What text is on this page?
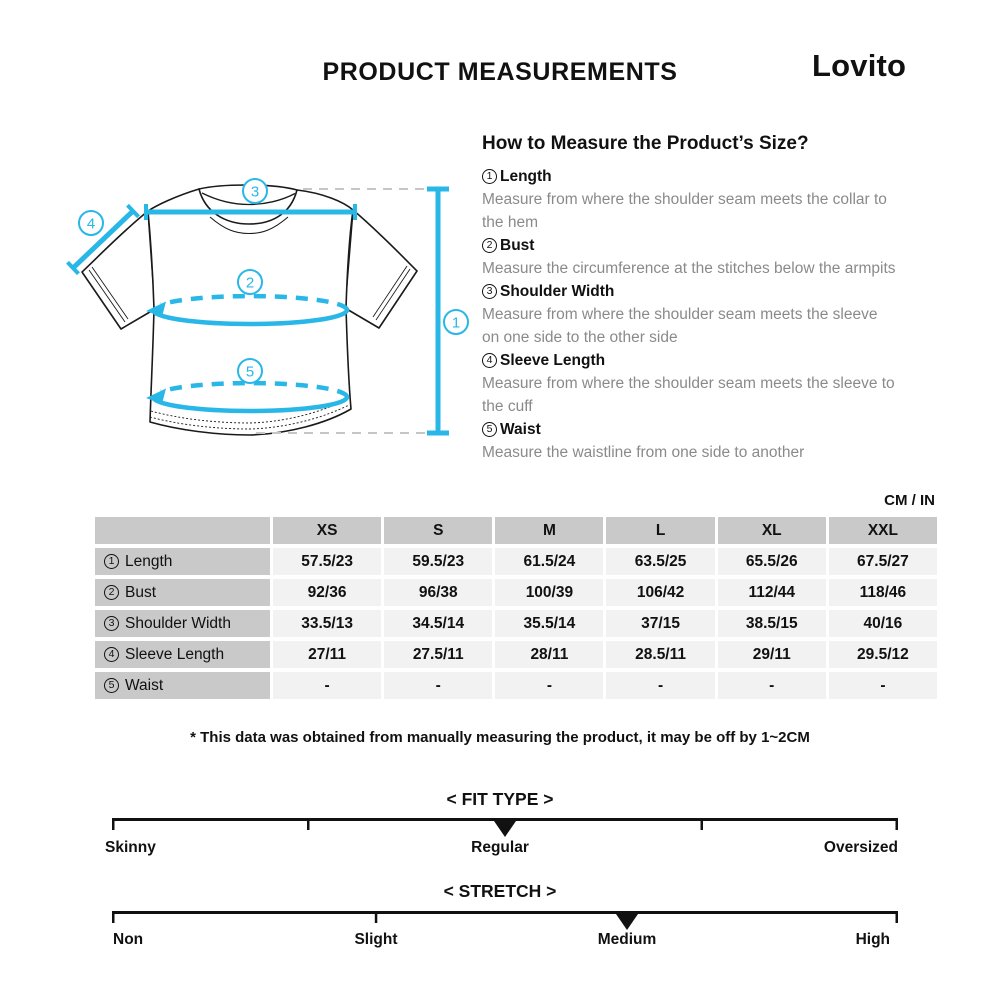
PRODUCT MEASUREMENTS	Lovito
3
4
2
5
1
How to Measure the Product’s Size?
1 Length
Measure from where the shoulder seam meets the collar to
the hem
2 Bust
Measure the circumference at the stitches below the armpits
3 Shoulder Width
Measure from where the shoulder seam meets the sleeve
on one side to the other side
4 Sleeve Length
Measure from where the shoulder seam meets the sleeve to
the cuff
5 Waist
Measure the waistline from one side to another
CM / IN
XS	S	M	L	XL	XXL
1 Length	57.5/23	59.5/23	61.5/24	63.5/25	65.5/26	67.5/27
2 Bust	92/36	96/38	100/39	106/42	112/44	118/46
3 Shoulder Width	33.5/13	34.5/14	35.5/14	37/15	38.5/15	40/16
4 Sleeve Length	27/11	27.5/11	28/11	28.5/11	29/11	29.5/12
5 Waist	-	-	-	-	-	-
* This data was obtained from manually measuring the product, it may be off by 1~2CM
< FIT TYPE >
Skinny	Regular	Oversized
< STRETCH >
Non	Slight	Medium	High
